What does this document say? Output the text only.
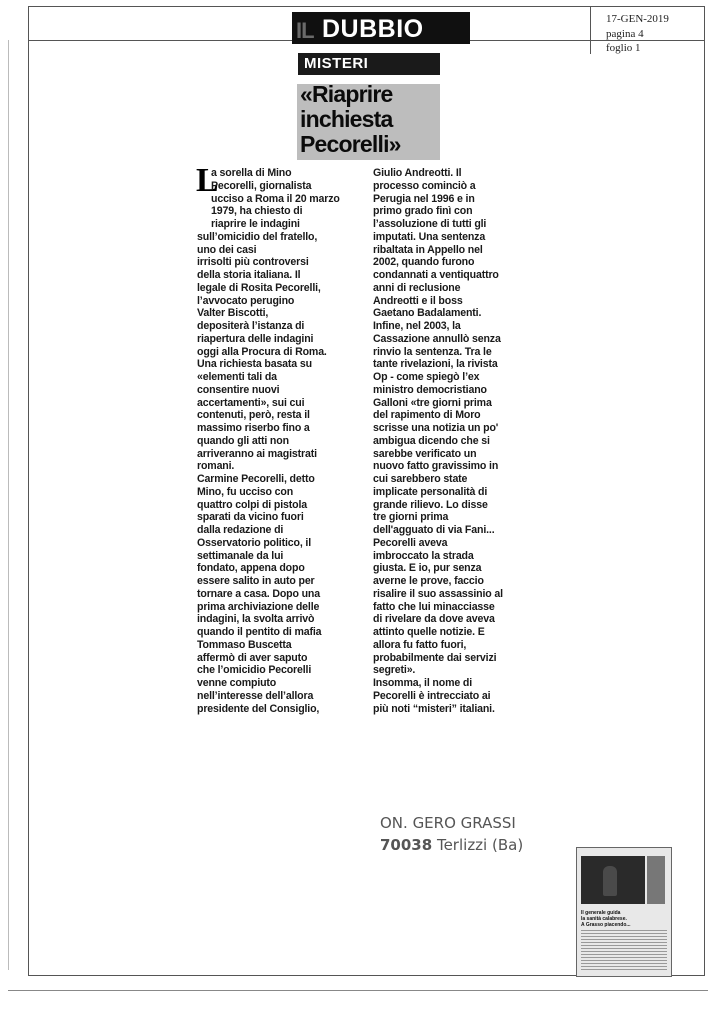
17-GEN-2019
pagina 4
foglio 1
IL DUBBIO
MISTERI
«Riaprire
inchiesta
Pecorelli»
L
a sorella di Mino
Pecorelli, giornalista
ucciso a Roma il 20 marzo
1979, ha chiesto di
riaprire le indagini
sull’omicidio del fratello,
uno dei casi
irrisolti più controversi
della storia italiana. Il
legale di Rosita Pecorelli,
l’avvocato perugino
Valter Biscotti,
depositerà l’istanza di
riapertura delle indagini
oggi alla Procura di Roma.
Una richiesta basata su
«elementi tali da
consentire nuovi
accertamenti», sui cui
contenuti, però, resta il
massimo riserbo fino a
quando gli atti non
arriveranno ai magistrati
romani.
Carmine Pecorelli, detto
Mino, fu ucciso con
quattro colpi di pistola
sparati da vicino fuori
dalla redazione di
Osservatorio politico, il
settimanale da lui
fondato, appena dopo
essere salito in auto per
tornare a casa. Dopo una
prima archiviazione delle
indagini, la svolta arrivò
quando il pentito di mafia
Tommaso Buscetta
affermò di aver saputo
che l’omicidio Pecorelli
venne compiuto
nell’interesse dell’allora
presidente del Consiglio,
Giulio Andreotti. Il
processo cominciò a
Perugia nel 1996 e in
primo grado finì con
l’assoluzione di tutti gli
imputati. Una sentenza
ribaltata in Appello nel
2002, quando furono
condannati a ventiquattro
anni di reclusione
Andreotti e il boss
Gaetano Badalamenti.
Infine, nel 2003, la
Cassazione annullò senza
rinvio la sentenza. Tra le
tante rivelazioni, la rivista
Op - come spiegò l’ex
ministro democristiano
Galloni «tre giorni prima
del rapimento di Moro
scrisse una notizia un po'
ambigua dicendo che si
sarebbe verificato un
nuovo fatto gravissimo in
cui sarebbero state
implicate personalità di
grande rilievo. Lo disse
tre giorni prima
dell'agguato di via Fani...
Pecorelli aveva
imbroccato la strada
giusta. E io, pur senza
averne le prove, faccio
risalire il suo assassinio al
fatto che lui minacciasse
di rivelare da dove aveva
attinto quelle notizie. E
allora fu fatto fuori,
probabilmente dai servizi
segreti».
Insomma, il nome di
Pecorelli è intrecciato ai
più noti “misteri” italiani.
ON. GERO GRASSI
70038 Terlizzi (Ba)
Il generale guida
la sanità calabrese.
A Grasso piacendo...
